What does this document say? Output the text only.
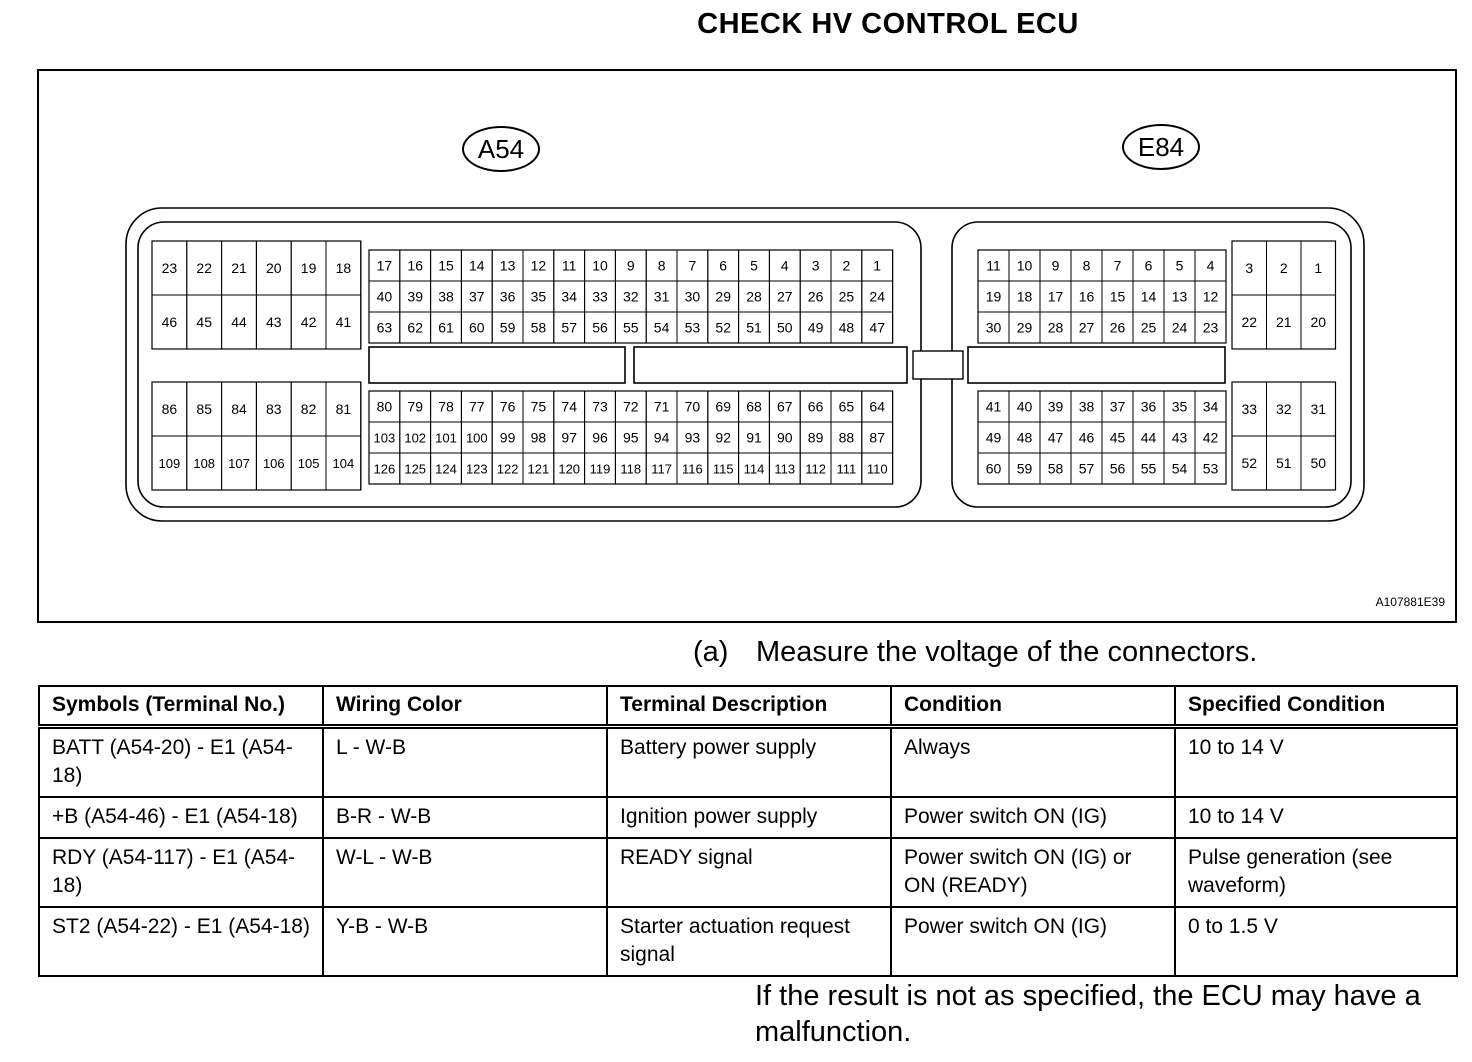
CHECK HV CONTROL ECU
23 22 21 20 19 18
46 45 44 43 42 41
17 16 15 14 13 12 11 10 9 8 7 6 5 4 3 2 1
40 39 38 37 36 35 34 33 32 31 30 29 28 27 26 25 24
63 62 61 60 59 58 57 56 55 54 53 52 51 50 49 48 47
86 85 84 83 82 81
109 108 107 106 105 104
80 79 78 77 76 75 74 73 72 71 70 69 68 67 66 65 64
103 102 101 100 99 98 97 96 95 94 93 92 91 90 89 88 87
126 125 124 123 122 121 120 119 118 117 116 115 114 113 112 111 110
11 10 9 8 7 6 5 4
19 18 17 16 15 14 13 12
30 29 28 27 26 25 24 23
3 2 1
22 21 20
41 40 39 38 37 36 35 34
49 48 47 46 45 44 43 42
60 59 58 57 56 55 54 53
33 32 31
52 51 50
A54	E84
A107881E39
(a) Measure the voltage of the connectors.
Symbols (Terminal No.)	Wiring Color	Terminal Description	Condition	Specified Condition
BATT (A54-20) - E1 (A54-18)	L - W-B	Battery power supply	Always	10 to 14 V
+B (A54-46) - E1 (A54-18)	B-R - W-B	Ignition power supply	Power switch ON (IG)	10 to 14 V
RDY (A54-117) - E1 (A54-18)	W-L - W-B	READY signal	Power switch ON (IG) or ON (READY)	Pulse generation (see waveform)
ST2 (A54-22) - E1 (A54-18)	Y-B - W-B	Starter actuation request signal	Power switch ON (IG)	0 to 1.5 V
If the result is not as specified, the ECU may have a malfunction.
